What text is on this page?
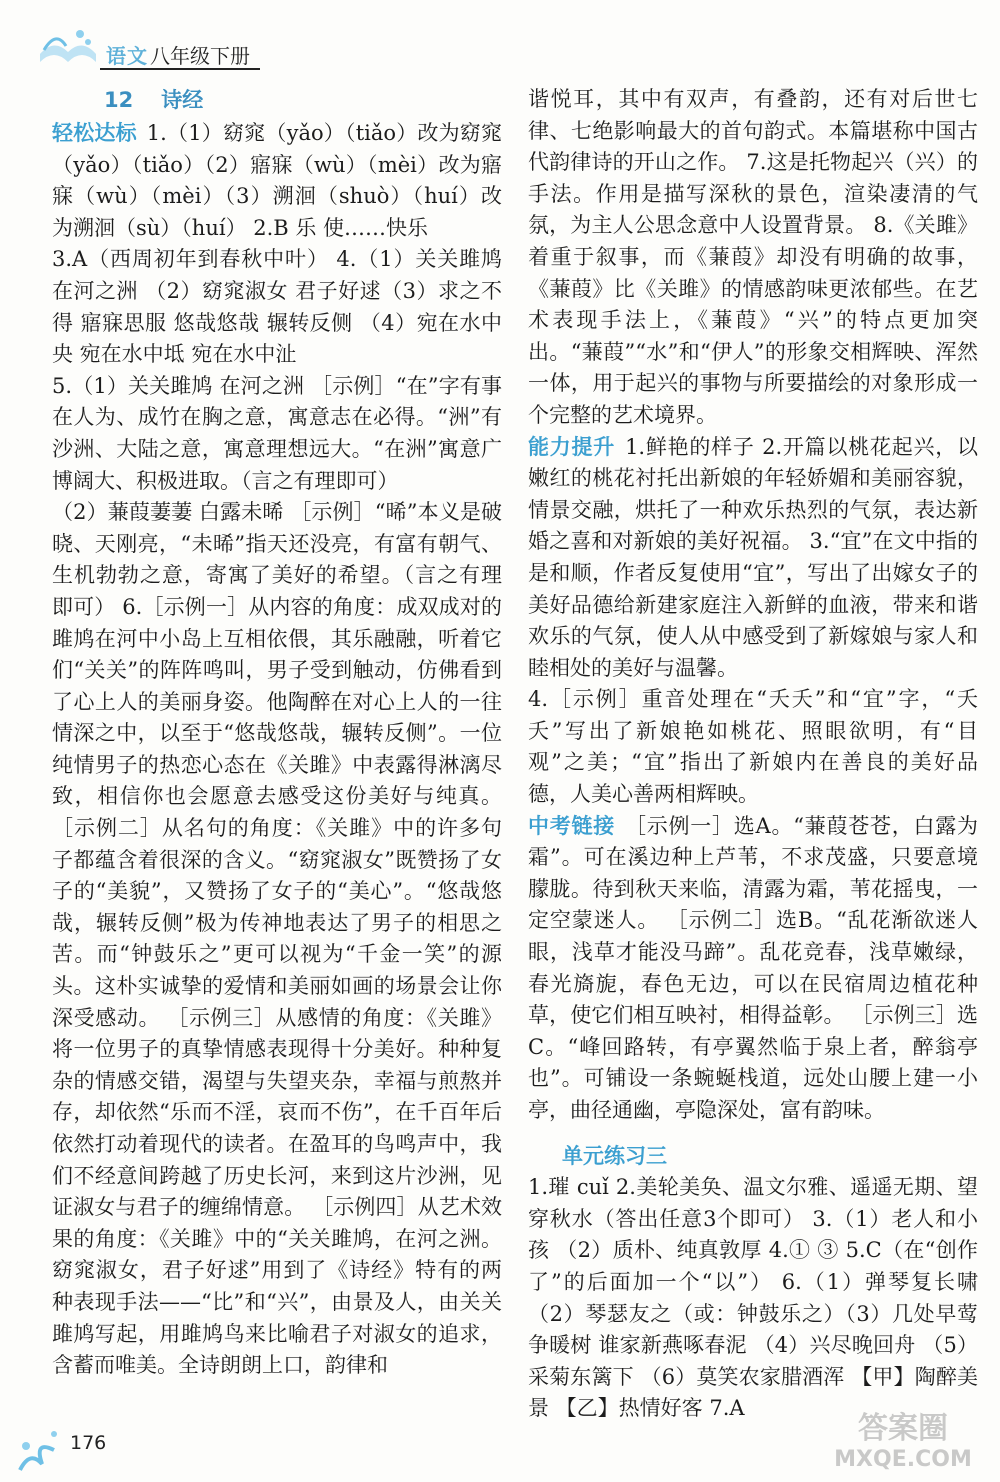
语文 八年级下册
12 诗经

轻松达标 1.（1）窈窕（yǎo）（tiǎo）改为窈窕（yǎo）（tiǎo）（2）寤寐（wù）（mèi）改为寤寐（wù）（mèi）（3）溯洄（shuò）（huí）改为溯洄（sù）（huí） 2.B 乐 使……快乐

3.A（西周初年到春秋中叶） 4.（1）关关雎鸠在河之洲 （2）窈窕淑女 君子好逑（3）求之不得 寤寐思服 悠哉悠哉 辗转反侧 （4）宛在水中央 宛在水中坻 宛在水中沚

5.（1）关关雎鸠 在河之洲 ［示例］“在”字有事在人为、成竹在胸之意，寓意志在必得。“洲”有沙洲、大陆之意，寓意理想远大。“在洲”寓意广博阔大、积极进取。（言之有理即可）

（2）蒹葭萋萋 白露未晞 ［示例］“晞”本义是破晓、天刚亮，“未晞”指天还没亮，有富有朝气、生机勃勃之意，寄寓了美好的希望。（言之有理即可） 6.［示例一］从内容的角度：成双成对的雎鸠在河中小岛上互相依偎，其乐融融，听着它们“关关”的阵阵鸣叫，男子受到触动，仿佛看到了心上人的美丽身姿。他陶醉在对心上人的一往情深之中，以至于“悠哉悠哉，辗转反侧”。一位纯情男子的热恋心态在《关雎》中表露得淋漓尽致，相信你也会愿意去感受这份美好与纯真。 ［示例二］从名句的角度：《关雎》中的许多句子都蕴含着很深的含义。“窈窕淑女”既赞扬了女子的“美貌”，又赞扬了女子的“美心”。“悠哉悠哉，辗转反侧”极为传神地表达了男子的相思之苦。而“钟鼓乐之”更可以视为“千金一笑”的源头。这朴实诚挚的爱情和美丽如画的场景会让你深受感动。 ［示例三］从感情的角度：《关雎》将一位男子的真挚情感表现得十分美好。种种复杂的情感交错，渴望与失望夹杂，幸福与煎熬并存，却依然“乐而不淫，哀而不伤”，在千百年后依然打动着现代的读者。在盈耳的鸟鸣声中，我们不经意间跨越了历史长河，来到这片沙洲，见证淑女与君子的缠绵情意。 ［示例四］从艺术效果的角度：《关雎》中的“关关雎鸠，在河之洲。窈窕淑女，君子好逑”用到了《诗经》特有的两种表现手法——“比”和“兴”，由景及人，由关关雎鸠写起，用雎鸠鸟来比喻君子对淑女的追求，含蓄而唯美。全诗朗朗上口，韵律和

谐悦耳，其中有双声，有叠韵，还有对后世七律、七绝影响最大的首句韵式。本篇堪称中国古代韵律诗的开山之作。 7.这是托物起兴（兴）的手法。作用是描写深秋的景色，渲染凄清的气氛，为主人公思念意中人设置背景。 8.《关雎》着重于叙事，而《蒹葭》却没有明确的故事，《蒹葭》比《关雎》的情感韵味更浓郁些。在艺术表现手法上，《蒹葭》“兴”的特点更加突出。“蒹葭”“水”和“伊人”的形象交相辉映、浑然一体，用于起兴的事物与所要描绘的对象形成一个完整的艺术境界。

能力提升 1.鲜艳的样子 2.开篇以桃花起兴，以嫩红的桃花衬托出新娘的年轻娇媚和美丽容貌，情景交融，烘托了一种欢乐热烈的气氛，表达新婚之喜和对新娘的美好祝福。 3.“宜”在文中指的是和顺，作者反复使用“宜”，写出了出嫁女子的美好品德给新建家庭注入新鲜的血液，带来和谐欢乐的气氛，使人从中感受到了新嫁娘与家人和睦相处的美好与温馨。

4.［示例］重音处理在“夭夭”和“宜”字，“夭夭”写出了新娘艳如桃花、照眼欲明，有“目观”之美；“宜”指出了新娘内在善良的美好品德，人美心善两相辉映。

中考链接 ［示例一］选A。“蒹葭苍苍，白露为霜”。可在溪边种上芦苇，不求茂盛，只要意境朦胧。待到秋天来临，清露为霜，苇花摇曳，一定空蒙迷人。 ［示例二］选B。“乱花渐欲迷人眼，浅草才能没马蹄”。乱花竞春，浅草嫩绿，春光旖旎，春色无边，可以在民宿周边植花种草，使它们相互映衬，相得益彰。 ［示例三］选C。“峰回路转，有亭翼然临于泉上者，醉翁亭也”。可铺设一条蜿蜒栈道，远处山腰上建一小亭，曲径通幽，亭隐深处，富有韵味。

单元练习三

1.璀 cuǐ 2.美轮美奂、温文尔雅、遥遥无期、望穿秋水（答出任意3个即可） 3.（1）老人和小孩 （2）质朴、纯真敦厚 4.① ③ 5.C（在“创作了”的后面加一个“以”） 6.（1）弹琴复长啸 （2）琴瑟友之（或：钟鼓乐之）（3）几处早莺争暖树 谁家新燕啄春泥 （4）兴尽晚回舟 （5）采菊东篱下 （6）莫笑农家腊酒浑 【甲】陶醉美景 【乙】热情好客 7.A

176	答案圈
MXQE.COM
